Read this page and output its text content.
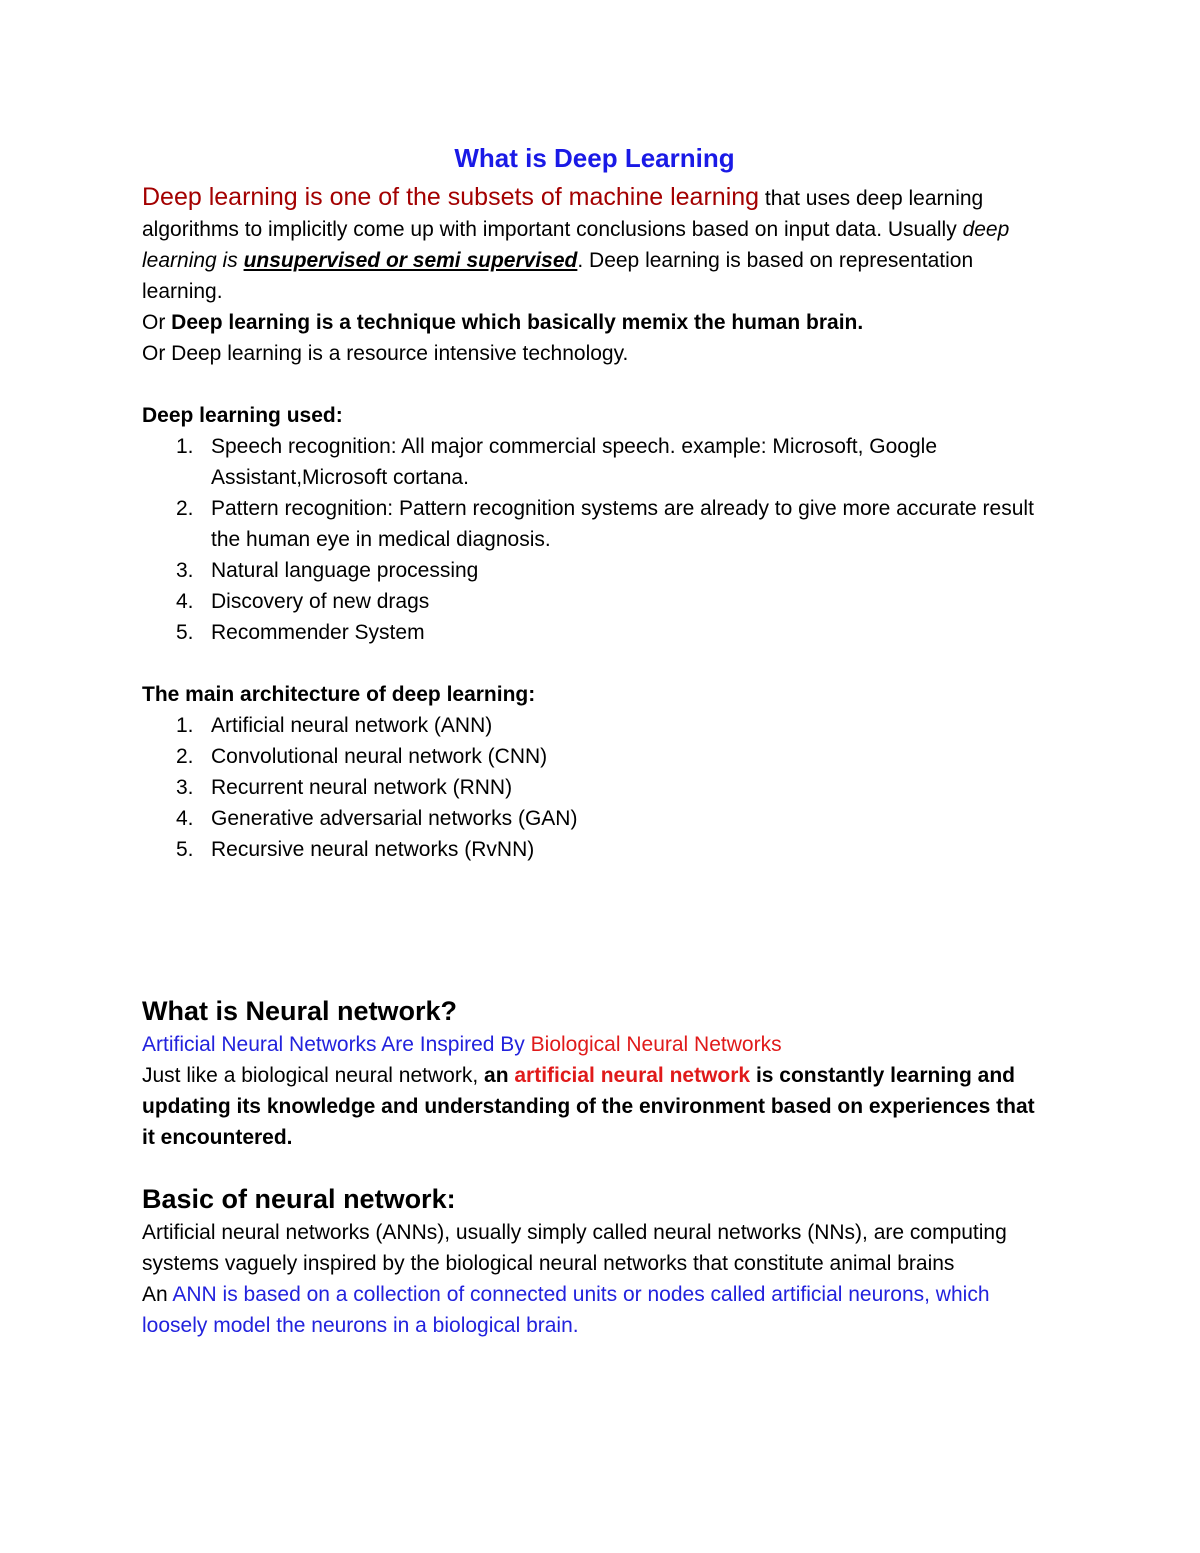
What is Deep Learning

Deep learning is one of the subsets of machine learning that uses deep learning algorithms to implicitly come up with important conclusions based on input data. Usually deep learning is unsupervised or semi supervised. Deep learning is based on representation learning.

Or Deep learning is a technique which basically memix the human brain.

Or Deep learning is a resource intensive technology.

Deep learning used:

1. Speech recognition: All major commercial speech. example: Microsoft, Google Assistant,Microsoft cortana.
2. Pattern recognition: Pattern recognition systems are already to give more accurate result the human eye in medical diagnosis.
3. Natural language processing
4. Discovery of new drags
5. Recommender System

The main architecture of deep learning:

1. Artificial neural network (ANN)
2. Convolutional neural network (CNN)
3. Recurrent neural network (RNN)
4. Generative adversarial networks (GAN)
5. Recursive neural networks (RvNN)

What is Neural network?

Artificial Neural Networks Are Inspired By Biological Neural Networks

Just like a biological neural network, an artificial neural network is constantly learning and updating its knowledge and understanding of the environment based on experiences that it encountered.

Basic of neural network:

Artificial neural networks (ANNs), usually simply called neural networks (NNs), are computing systems vaguely inspired by the biological neural networks that constitute animal brains

An ANN is based on a collection of connected units or nodes called artificial neurons, which loosely model the neurons in a biological brain.
